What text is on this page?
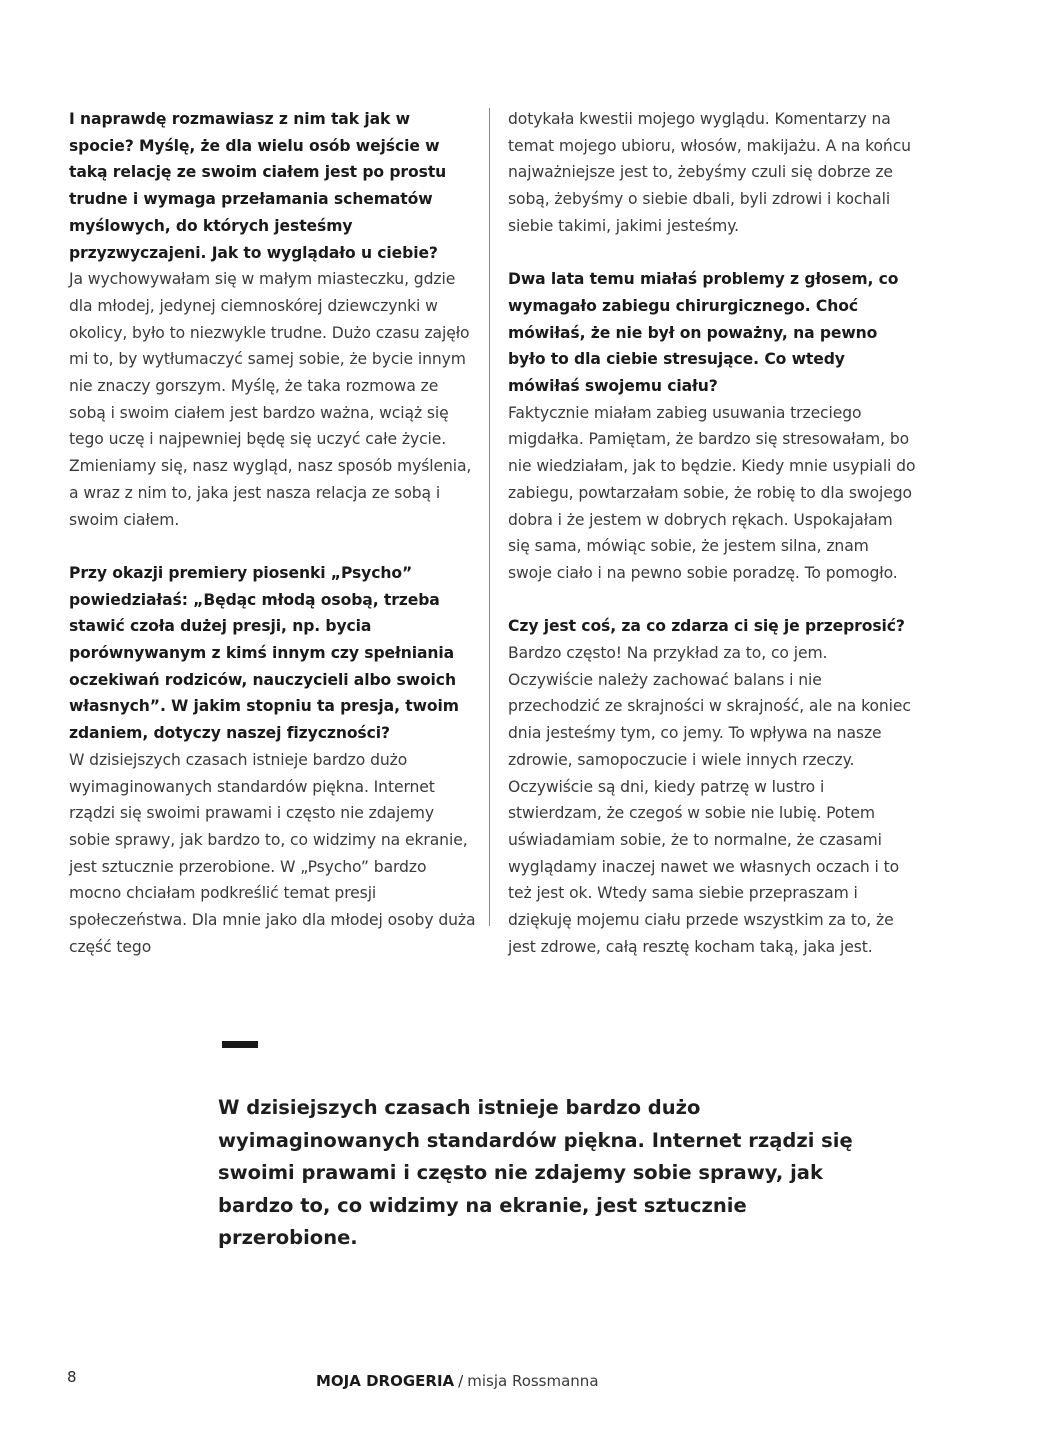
I naprawdę rozmawiasz z nim tak jak w spocie? Myślę, że dla wielu osób wejście w taką relację ze swoim ciałem jest po prostu trudne i wymaga przełamania schematów myślowych, do których jesteśmy przyzwyczajeni. Jak to wyglądało u ciebie?

Ja wychowywałam się w małym miasteczku, gdzie dla młodej, jedynej ciemnoskórej dziewczynki w okolicy, było to niezwykle trudne. Dużo czasu zajęło mi to, by wytłumaczyć samej sobie, że bycie innym nie znaczy gorszym. Myślę, że taka rozmowa ze sobą i swoim ciałem jest bardzo ważna, wciąż się tego uczę i najpewniej będę się uczyć całe życie. Zmieniamy się, nasz wygląd, nasz sposób myślenia, a wraz z nim to, jaka jest nasza relacja ze sobą i swoim ciałem.

Przy okazji premiery piosenki „Psycho” powiedziałaś: „Będąc młodą osobą, trzeba stawić czoła dużej presji, np. bycia porównywanym z kimś innym czy spełniania oczekiwań rodziców, nauczycieli albo swoich własnych”. W jakim stopniu ta presja, twoim zdaniem, dotyczy naszej fizyczności?

W dzisiejszych czasach istnieje bardzo dużo wyimaginowanych standardów piękna. Internet rządzi się swoimi prawami i często nie zdajemy sobie sprawy, jak bardzo to, co widzimy na ekranie, jest sztucznie przerobione. W „Psycho” bardzo mocno chciałam podkreślić temat presji społeczeństwa. Dla mnie jako dla młodej osoby duża część tego

dotykała kwestii mojego wyglądu. Komentarzy na temat mojego ubioru, włosów, makijażu. A na końcu najważniejsze jest to, żebyśmy czuli się dobrze ze sobą, żebyśmy o siebie dbali, byli zdrowi i kochali siebie takimi, jakimi jesteśmy.

Dwa lata temu miałaś problemy z głosem, co wymagało zabiegu chirurgicznego. Choć mówiłaś, że nie był on poważny, na pewno było to dla ciebie stresujące. Co wtedy mówiłaś swojemu ciału?

Faktycznie miałam zabieg usuwania trzeciego migdałka. Pamiętam, że bardzo się stresowałam, bo nie wiedziałam, jak to będzie. Kiedy mnie usypiali do zabiegu, powtarzałam sobie, że robię to dla swojego dobra i że jestem w dobrych rękach. Uspokajałam się sama, mówiąc sobie, że jestem silna, znam swoje ciało i na pewno sobie poradzę. To pomogło.

Czy jest coś, za co zdarza ci się je przeprosić?

Bardzo często! Na przykład za to, co jem. Oczywiście należy zachować balans i nie przechodzić ze skrajności w skrajność, ale na koniec dnia jesteśmy tym, co jemy. To wpływa na nasze zdrowie, samopoczucie i wiele innych rzeczy. Oczywiście są dni, kiedy patrzę w lustro i stwierdzam, że czegoś w sobie nie lubię. Potem uświadamiam sobie, że to normalne, że czasami wyglądamy inaczej nawet we własnych oczach i to też jest ok. Wtedy sama siebie przepraszam i dziękuję mojemu ciału przede wszystkim za to, że jest zdrowe, całą resztę kocham taką, jaka jest.

W dzisiejszych czasach istnieje bardzo dużo wyimaginowanych standardów piękna. Internet rządzi się swoimi prawami i często nie zdajemy sobie sprawy, jak bardzo to, co widzimy na ekranie, jest sztucznie przerobione.
8	MOJA DROGERIA / misja Rossmanna
